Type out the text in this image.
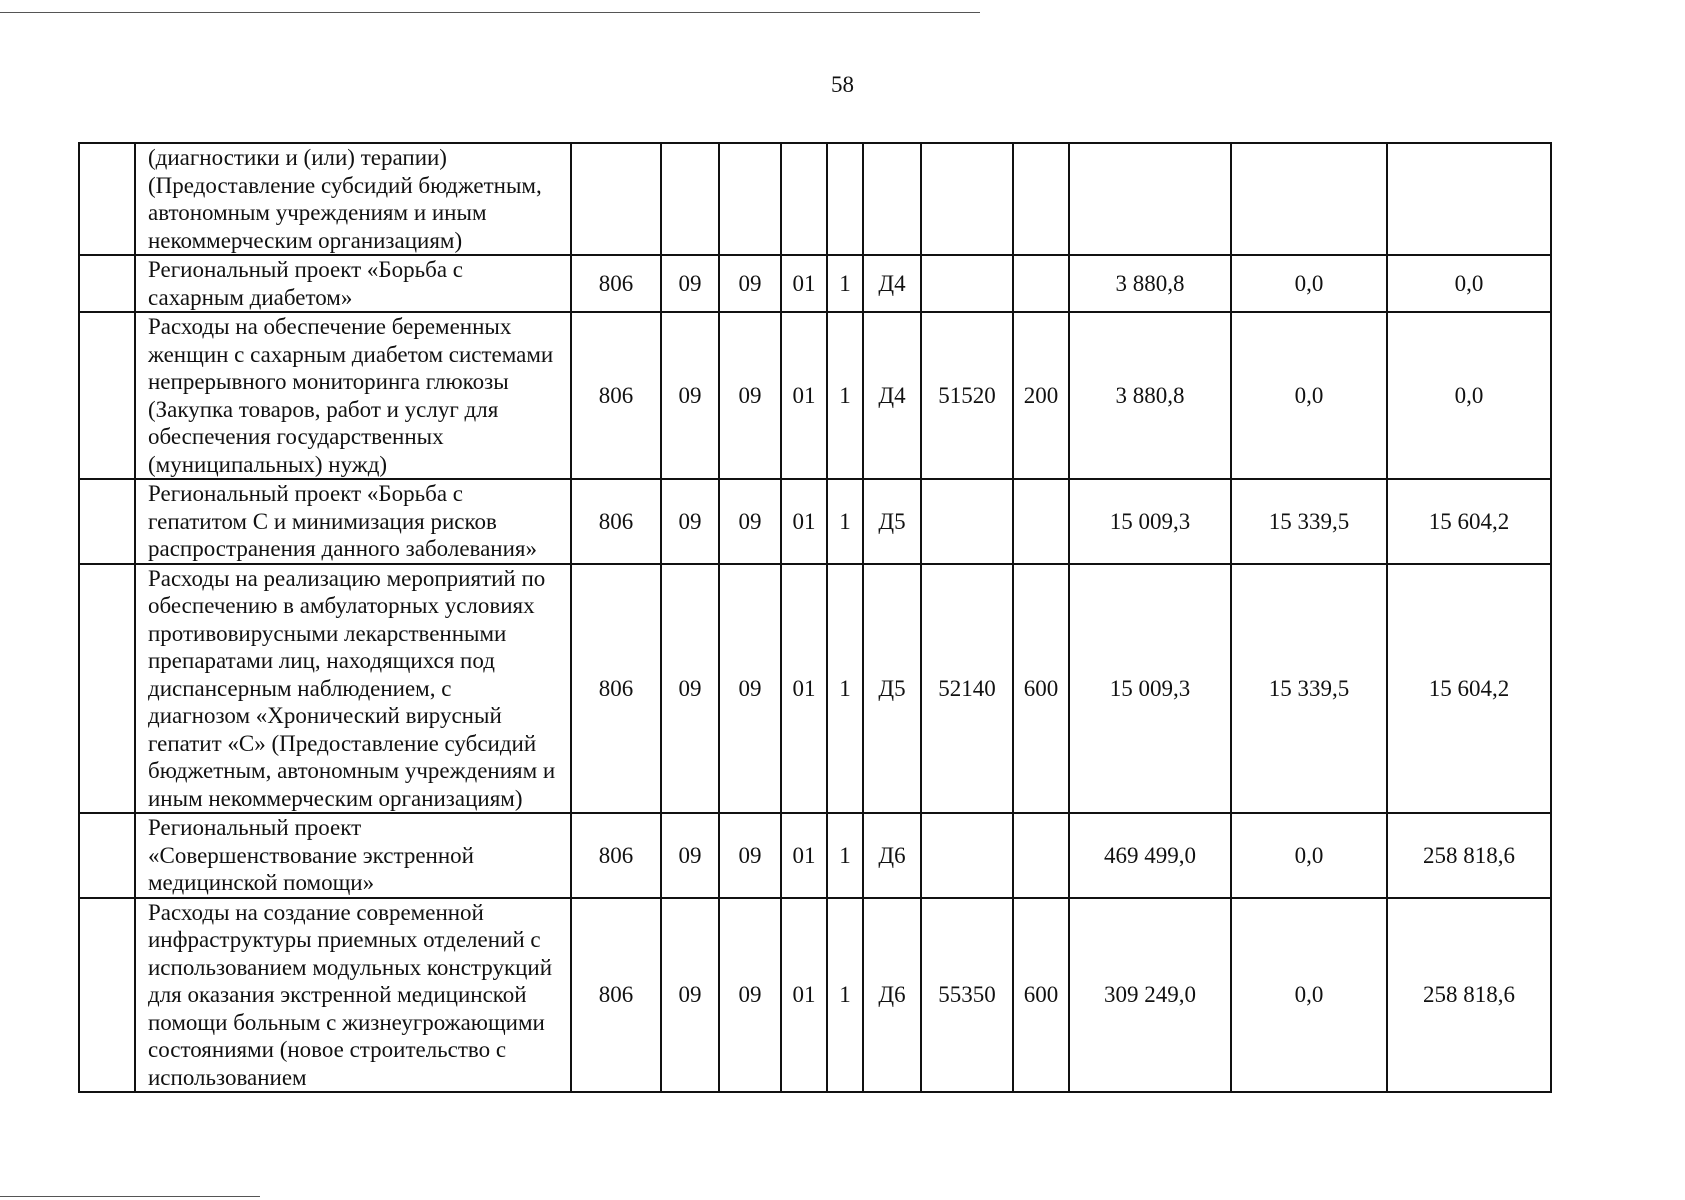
58
	(диагностики и (или) терапии) (Предоставление субсидий бюджетным, автономным учреждениям и иным некоммерческим организациям)											
	Региональный проект «Борьба с сахарным диабетом»	806	09	09	01	1	Д4			3 880,8	0,0	0,0
	Расходы на обеспечение беременных женщин с сахарным диабетом системами непрерывного мониторинга глюкозы (Закупка товаров, работ и услуг для обеспечения государственных (муниципальных) нужд)	806	09	09	01	1	Д4	51520	200	3 880,8	0,0	0,0
	Региональный проект «Борьба с гепатитом С и минимизация рисков распространения данного заболевания»	806	09	09	01	1	Д5			15 009,3	15 339,5	15 604,2
	Расходы на реализацию мероприятий по обеспечению в амбулаторных условиях противовирусными лекарственными препаратами лиц, находящихся под диспансерным наблюдением, с диагнозом «Хронический вирусный гепатит «С» (Предоставление субсидий бюджетным, автономным учреждениям и иным некоммерческим организациям)	806	09	09	01	1	Д5	52140	600	15 009,3	15 339,5	15 604,2
	Региональный проект «Совершенствование экстренной медицинской помощи»	806	09	09	01	1	Д6			469 499,0	0,0	258 818,6
	Расходы на создание современной инфраструктуры приемных отделений с использованием модульных конструкций для оказания экстренной медицинской помощи больным с жизнеугрожающими состояниями (новое строительство с использованием	806	09	09	01	1	Д6	55350	600	309 249,0	0,0	258 818,6
